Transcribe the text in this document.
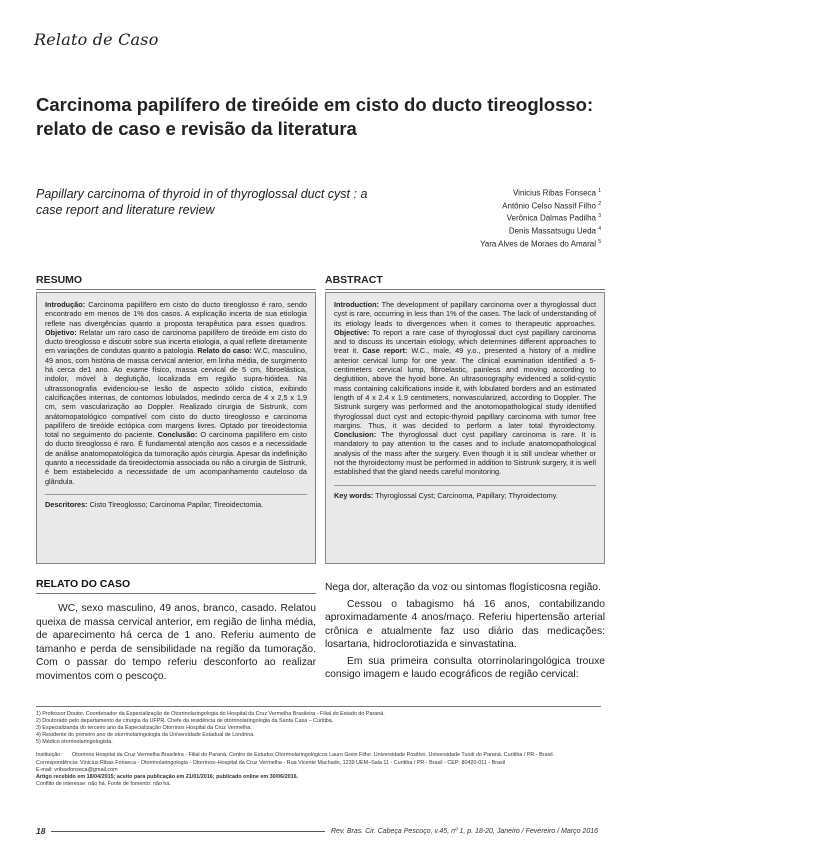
Relato de Caso
Carcinoma papilífero de tireóide em cisto do ducto tireoglosso: relato de caso e revisão da literatura
Papillary carcinoma of thyroid in of thyroglossal duct cyst : a case report and literature review
Vinicius Ribas Fonseca $^1$
Antônio Celso Nassif Filho $^2$
Verônica Dalmas Padilha $^3$
Denis Massatsugu Ueda $^4$
Yara Alves de Moraes do Amaral $^5$
RESUMO
Introdução: Carcinoma papilífero em cisto do ducto tireoglosso é raro, sendo encontrado em menos de 1% dos casos. A explicação incerta de sua etiologia reflete nas divergências quanto a proposta terapêutica para esses quadros. Objetivo: Relatar um raro caso de carcinoma papilífero de tireóide em cisto do ducto tireoglosso e discutir sobre sua incerta etiologia, a qual reflete diretamente em variações de condutas quanto a patologia. Relato do caso: W.C, masculino, 49 anos, com história de massa cervical anterior, em linha média, de surgimento há cerca de1 ano. Ao exame físico, massa cervical de 5 cm, fibroelástica, indolor, móvel à deglutição, localizada em região supra-hióidea. Na ultrassonografia evidenciou-se lesão de aspecto sólido cística, exibindo calcificações internas, de contornos lobulados, medindo cerca de 4 x 2,5 x 1,9 cm, sem vascularização ao Doppler. Realizado cirurgia de Sistrunk, com anátomopatológico compatível com cisto do ducto tireoglosso e carcinoma papilífero de tireóide ectópica com margens livres. Optado por tireoidectomia total no seguimento do paciente. Conclusão: O carcinoma papilífero em cisto do ducto tireoglosso é raro. É fundamental atenção aos casos e a necessidade de análise anatomopatológica da tumoração após cirurgia. Apesar da indefinição quanto a necessidade da tireoidectomia associada ou não a cirurgia de Sistrunk, é bem estabelecido a necessidade de um acompanhamento cauteloso da glândula.
Descritores: Cisto Tireoglosso; Carcinoma Papilar; Tireoidectomia.
ABSTRACT
Introduction: The development of papillary carcinoma over a thyroglossal duct cyst is rare, occurring in less than 1% of the cases. The lack of understanding of its etiology leads to divergences when it comes to therapeutic approaches. Objective: To report a rare case of thyroglossal duct cyst papillary carcinoma and to discuss its uncertain etiology, which determines different approaches to treat it. Case report: W.C., male, 49 y.o., presented a history of a midline anterior cervical lump for one year. The clinical examination identified a 5- centimeters cervical lump, fibroelastic, painless and moving according to deglutition, above the hyoid bone. An ultrasonography evidenced a solid-cystic mass containing calcifications inside it, with lobulated borders and an estimated length of 4 x 2.4 x 1.9 centimeters, nonvascularized, according to Doppler. The Sistrunk surgery was performed and the anotomopathological study identified thyroglossal duct cyst and ectopic-thyroid papillary carcinoma with tumor free margins. Thus, it was decided to perform a later total thyroidectomy. Conclusion: The thyroglossal duct cyst papillary carcinoma is rare. It is mandatory to pay attention to the cases and to include anatomopathological analysis of the mass after the surgery. Even though it is still unclear whether or not the thyroidectomy must be performed in addition to Sistrunk surgery, it is well established that the gland needs careful monitoring.
Key words: Thyroglossal Cyst; Carcinoma, Papillary; Thyroidectomy.
RELATO DO CASO

WC, sexo masculino, 49 anos, branco, casado. Relatou queixa de massa cervical anterior, em região de linha média, de aparecimento há cerca de 1 ano. Referiu aumento de tamanho e perda de sensibilidade na região da tumoração. Com o passar do tempo referiu desconforto ao realizar movimentos com o pescoço.

Nega dor, alteração da voz ou sintomas flogísticosna região.

Cessou o tabagismo há 16 anos, contabilizando aproximadamente 4 anos/maço. Referiu hipertensão arterial crônica e atualmente faz uso diário das medicações: losartana, hidroclorotiazida e sinvastatina.

Em sua primeira consulta otorrinolaringológica trouxe consigo imagem e laudo ecográficos de região cervical:

1) Professor Doutor. Coordenador da Especialização de Otorrinolaringologia do Hospital da Cruz Vermelha Brasileira - Filial do Estado do Paraná.
2) Doutorado pelo departamento de cirurgia da UFPR. Chefe da residência de otorrinolaringologia da Santa Casa – Curitiba.
3) Especializanda do terceiro ano da Especialização Otorrinos Hospital da Cruz Vermelha.
4) Residente do primeiro ano de otorrinolaringologia da Universidade Estadual de Londrina.
5) Médico otorrinolaringologista.
Instituição:	Otorrinos Hospital da Cruz Vermelha Brasileira - Filial do Paraná. Centro de Estudos Otorrinolaringológicos Lauro Grein Filho. Universidade Positivo. Universidade Tuiuti do Paraná. Curitiba / PR - Brasil.
Correspondência: Vinicius Ribas Fonseca - Otorrinolaringologia - Otorrinos–Hospital da Cruz Vermelha - Rua Vicente Machado, 1239 UEM–Sala 11 - Curitiba / PR - Brasil - CEP: 80420-011 - Brasil
E-mail: vribasfonseca@gmail.com
Artigo recebido em 18/04/2015; aceito para publicação em 21/01/2016; publicado online em 30/06/2016.
Conflito de interesse: não há. Fonte de fomento: não há.
18	Rev. Bras. Cir. Cabeça Pescoço, v.45, nº 1, p. 18-20, Janeiro / Fevereiro / Março 2016
